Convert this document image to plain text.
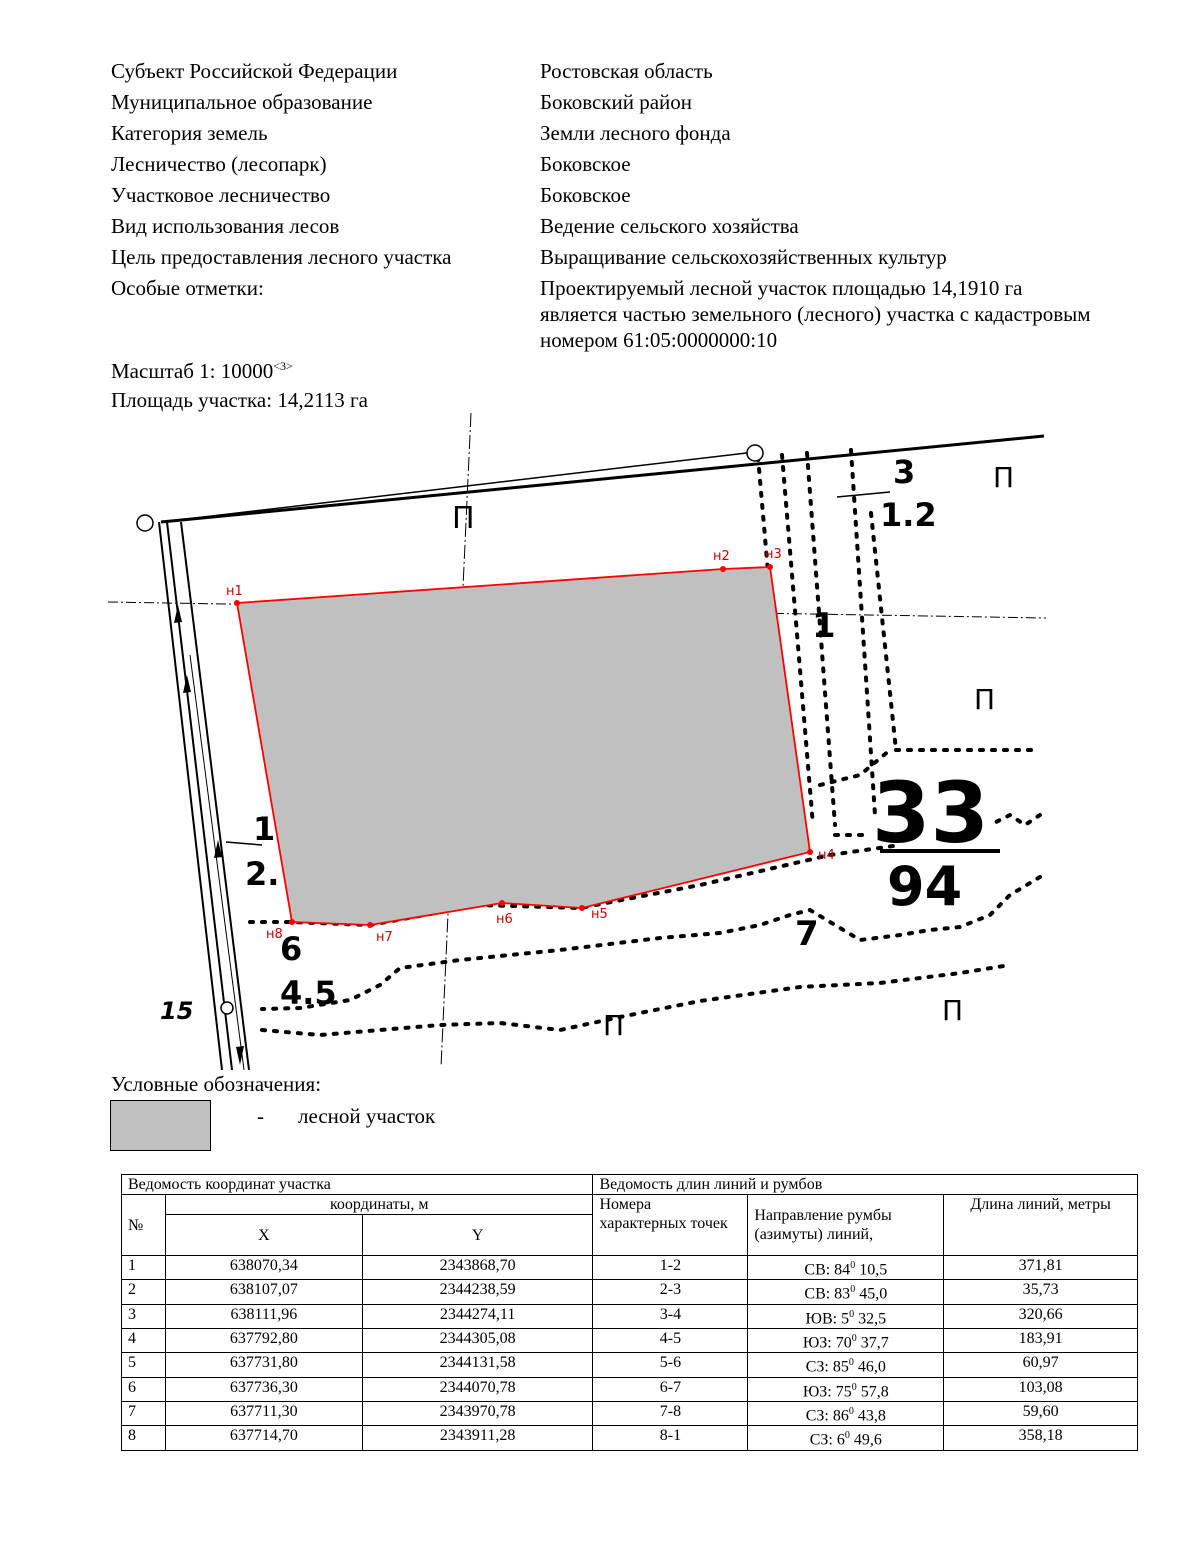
Субъект Российской Федерации	Ростовская область
Муниципальное образование	Боковский район
Категория земель	Земли лесного фонда
Лесничество (лесопарк)	Боковское
Участковое лесничество	Боковское
Вид использования лесов	Ведение сельского хозяйства
Цель предоставления лесного участка	Выращивание сельскохозяйственных культур
Особые отметки:	Проектируемый лесной участок площадью 14,1910 га является частью земельного (лесного) участка с кадастровым номером 61:05:0000000:10
Масштаб 1: $10000^{<3>}$
Площадь участка: 14,2113 га
н1
н2	н3
н4
н5
н6
н7
н8
П
3
1.2
1
П
33
94
П
7
П	П
1
2.
6
4.5
15
Условные обозначения:
- лесной участок
Ведомость координат участка			Ведомость длин линий и румбов		
№	координаты, м		Номера характерных точек	Направление румбы (азимуты) линий,	Длина линий, метры
	X	Y			
1	638070,34	2343868,70	1-2	СВ: $84^0$ 10,5	371,81
2	638107,07	2344238,59	2-3	СВ: $83^0$ 45,0	35,73
3	638111,96	2344274,11	3-4	ЮВ: $5^0$ 32,5	320,66
4	637792,80	2344305,08	4-5	ЮЗ: $70^0$ 37,7	183,91
5	637731,80	2344131,58	5-6	СЗ: $85^0$ 46,0	60,97
6	637736,30	2344070,78	6-7	ЮЗ: $75^0$ 57,8	103,08
7	637711,30	2343970,78	7-8	СЗ: $86^0$ 43,8	59,60
8	637714,70	2343911,28	8-1	СЗ: $6^0$ 49,6	358,18
